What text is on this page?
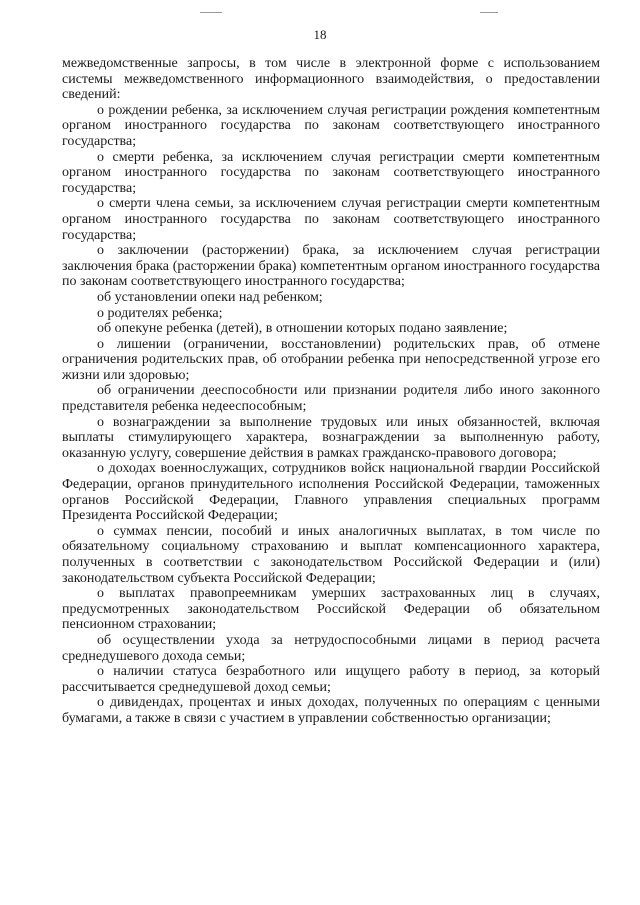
18

межведомственные запросы, в том числе в электронной форме с использованием системы межведомственного информационного взаимодействия, о предоставлении сведений:

о рождении ребенка, за исключением случая регистрации рождения компетентным органом иностранного государства по законам соответствующего иностранного государства;

о смерти ребенка, за исключением случая регистрации смерти компетентным органом иностранного государства по законам соответствующего иностранного государства;

о смерти члена семьи, за исключением случая регистрации смерти компетентным органом иностранного государства по законам соответствующего иностранного государства;

о заключении (расторжении) брака, за исключением случая регистрации заключения брака (расторжении брака) компетентным органом иностранного государства по законам соответствующего иностранного государства;

об установлении опеки над ребенком;

о родителях ребенка;

об опекуне ребенка (детей), в отношении которых подано заявление;

о лишении (ограничении, восстановлении) родительских прав, об отмене ограничения родительских прав, об отобрании ребенка при непосредственной угрозе его жизни или здоровью;

об ограничении дееспособности или признании родителя либо иного законного представителя ребенка недееспособным;

о вознаграждении за выполнение трудовых или иных обязанностей, включая выплаты стимулирующего характера, вознаграждении за выполненную работу, оказанную услугу, совершение действия в рамках гражданско-правового договора;

о доходах военнослужащих, сотрудников войск национальной гвардии Российской Федерации, органов принудительного исполнения Российской Федерации, таможенных органов Российской Федерации, Главного управления специальных программ Президента Российской Федерации;

о суммах пенсии, пособий и иных аналогичных выплатах, в том числе по обязательному социальному страхованию и выплат компенсационного характера, полученных в соответствии с законодательством Российской Федерации и (или) законодательством субъекта Российской Федерации;

о выплатах правопреемникам умерших застрахованных лиц в случаях, предусмотренных законодательством Российской Федерации об обязательном пенсионном страховании;

об осуществлении ухода за нетрудоспособными лицами в период расчета среднедушевого дохода семьи;

о наличии статуса безработного или ищущего работу в период, за который рассчитывается среднедушевой доход семьи;

о дивидендах, процентах и иных доходах, полученных по операциям с ценными бумагами, а также в связи с участием в управлении собственностью организации;
